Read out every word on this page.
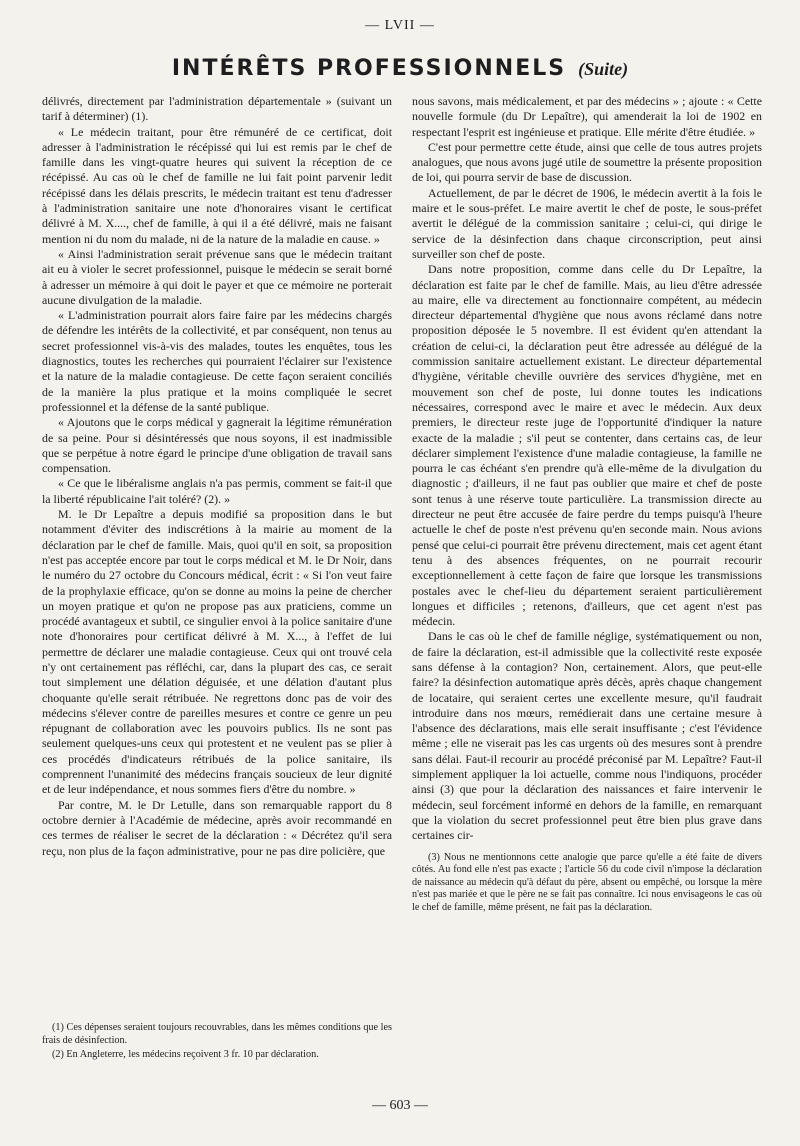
— LVII —
INTÉRÊTS PROFESSIONNELS (Suite)

délivrés, directement par l'administration départementale » (suivant un tarif à déterminer) (1).

« Le médecin traitant, pour être rémunéré de ce certificat, doit adresser à l'administration le récépissé qui lui est remis par le chef de famille dans les vingt-quatre heures qui suivent la réception de ce récépissé. Au cas où le chef de famille ne lui fait point parvenir ledit récépissé dans les délais prescrits, le médecin traitant est tenu d'adresser à l'administration sanitaire une note d'honoraires visant le certificat délivré à M. X...., chef de famille, à qui il a été délivré, mais ne faisant mention ni du nom du malade, ni de la nature de la maladie en cause. »

« Ainsi l'administration serait prévenue sans que le médecin traitant ait eu à violer le secret professionnel, puisque le médecin se serait borné à adresser un mémoire à qui doit le payer et que ce mémoire ne porterait aucune divulgation de la maladie.

« L'administration pourrait alors faire faire par les médecins chargés de défendre les intérêts de la collectivité, et par conséquent, non tenus au secret professionnel vis-à-vis des malades, toutes les enquêtes, tous les diagnostics, toutes les recherches qui pourraient l'éclairer sur l'existence et la nature de la maladie contagieuse. De cette façon seraient conciliés de la manière la plus pratique et la moins compliquée le secret professionnel et la défense de la santé publique.

« Ajoutons que le corps médical y gagnerait la légitime rémunération de sa peine. Pour si désintéressés que nous soyons, il est inadmissible que se perpétue à notre égard le principe d'une obligation de travail sans compensation.

« Ce que le libéralisme anglais n'a pas permis, comment se fait-il que la liberté républicaine l'ait toléré? (2). »

M. le Dr Lepaître a depuis modifié sa proposition dans le but notamment d'éviter des indiscrétions à la mairie au moment de la déclaration par le chef de famille. Mais, quoi qu'il en soit, sa proposition n'est pas acceptée encore par tout le corps médical et M. le Dr Noir, dans le numéro du 27 octobre du Concours médical, écrit : « Si l'on veut faire de la prophylaxie efficace, qu'on se donne au moins la peine de chercher un moyen pratique et qu'on ne propose pas aux praticiens, comme un procédé avantageux et subtil, ce singulier envoi à la police sanitaire d'une note d'honoraires pour certificat délivré à M. X..., à l'effet de lui permettre de déclarer une maladie contagieuse. Ceux qui ont trouvé cela n'y ont certainement pas réfléchi, car, dans la plupart des cas, ce serait tout simplement une délation déguisée, et une délation d'autant plus choquante qu'elle serait rétribuée. Ne regrettons donc pas de voir des médecins s'élever contre de pareilles mesures et contre ce genre un peu répugnant de collaboration avec les pouvoirs publics. Ils ne sont pas seulement quelques-uns ceux qui protestent et ne veulent pas se plier à ces procédés d'indicateurs rétribués de la police sanitaire, ils comprennent l'unanimité des médecins français soucieux de leur dignité et de leur indépendance, et nous sommes fiers d'être du nombre. »

Par contre, M. le Dr Letulle, dans son remarquable rapport du 8 octobre dernier à l'Académie de médecine, après avoir recommandé en ces termes de réaliser le secret de la déclaration : « Décrétez qu'il sera reçu, non plus de la façon administrative, pour ne pas dire policière, que

nous savons, mais médicalement, et par des médecins » ; ajoute : « Cette nouvelle formule (du Dr Lepaître), qui amenderait la loi de 1902 en respectant l'esprit est ingénieuse et pratique. Elle mérite d'être étudiée. »

C'est pour permettre cette étude, ainsi que celle de tous autres projets analogues, que nous avons jugé utile de soumettre la présente proposition de loi, qui pourra servir de base de discussion.

Actuellement, de par le décret de 1906, le médecin avertit à la fois le maire et le sous-préfet. Le maire avertit le chef de poste, le sous-préfet avertit le délégué de la commission sanitaire ; celui-ci, qui dirige le service de la désinfection dans chaque circonscription, peut ainsi surveiller son chef de poste.

Dans notre proposition, comme dans celle du Dr Lepaître, la déclaration est faite par le chef de famille. Mais, au lieu d'être adressée au maire, elle va directement au fonctionnaire compétent, au médecin directeur départemental d'hygiène que nous avons réclamé dans notre proposition déposée le 5 novembre. Il est évident qu'en attendant la création de celui-ci, la déclaration peut être adressée au délégué de la commission sanitaire actuellement existant. Le directeur départemental d'hygiène, véritable cheville ouvrière des services d'hygiène, met en mouvement son chef de poste, lui donne toutes les indications nécessaires, correspond avec le maire et avec le médecin. Aux deux premiers, le directeur reste juge de l'opportunité d'indiquer la nature exacte de la maladie ; s'il peut se contenter, dans certains cas, de leur déclarer simplement l'existence d'une maladie contagieuse, la famille ne pourra le cas échéant s'en prendre qu'à elle-même de la divulgation du diagnostic ; d'ailleurs, il ne faut pas oublier que maire et chef de poste sont tenus à une réserve toute particulière. La transmission directe au directeur ne peut être accusée de faire perdre du temps puisqu'à l'heure actuelle le chef de poste n'est prévenu qu'en seconde main. Nous avions pensé que celui-ci pourrait être prévenu directement, mais cet agent étant tenu à des absences fréquentes, on ne pourrait recourir exceptionnellement à cette façon de faire que lorsque les transmissions postales avec le chef-lieu du département seraient particulièrement longues et difficiles ; retenons, d'ailleurs, que cet agent n'est pas médecin.

Dans le cas où le chef de famille néglige, systématiquement ou non, de faire la déclaration, est-il admissible que la collectivité reste exposée sans défense à la contagion? Non, certainement. Alors, que peut-elle faire? la désinfection automatique après décès, après chaque changement de locataire, qui seraient certes une excellente mesure, qu'il faudrait introduire dans nos mœurs, remédierait dans une certaine mesure à l'absence des déclarations, mais elle serait insuffisante ; c'est l'évidence même ; elle ne viserait pas les cas urgents où des mesures sont à prendre sans délai. Faut-il recourir au procédé préconisé par M. Lepaître? Faut-il simplement appliquer la loi actuelle, comme nous l'indiquons, procéder ainsi (3) que pour la déclaration des naissances et faire intervenir le médecin, seul forcément informé en dehors de la famille, en remarquant que la violation du secret professionnel peut être bien plus grave dans certaines cir-

(3) Nous ne mentionnons cette analogie que parce qu'elle a été faite de divers côtés. Au fond elle n'est pas exacte ; l'article 56 du code civil n'impose la déclaration de naissance au médecin qu'à défaut du père, absent ou empêché, ou lorsque la mère n'est pas mariée et que le père ne se fait pas connaître. Ici nous envisageons le cas où le chef de famille, même présent, ne fait pas la déclaration.

(1) Ces dépenses seraient toujours recouvrables, dans les mêmes conditions que les frais de désinfection.

(2) En Angleterre, les médecins reçoivent 3 fr. 10 par déclaration.

— 603 —
